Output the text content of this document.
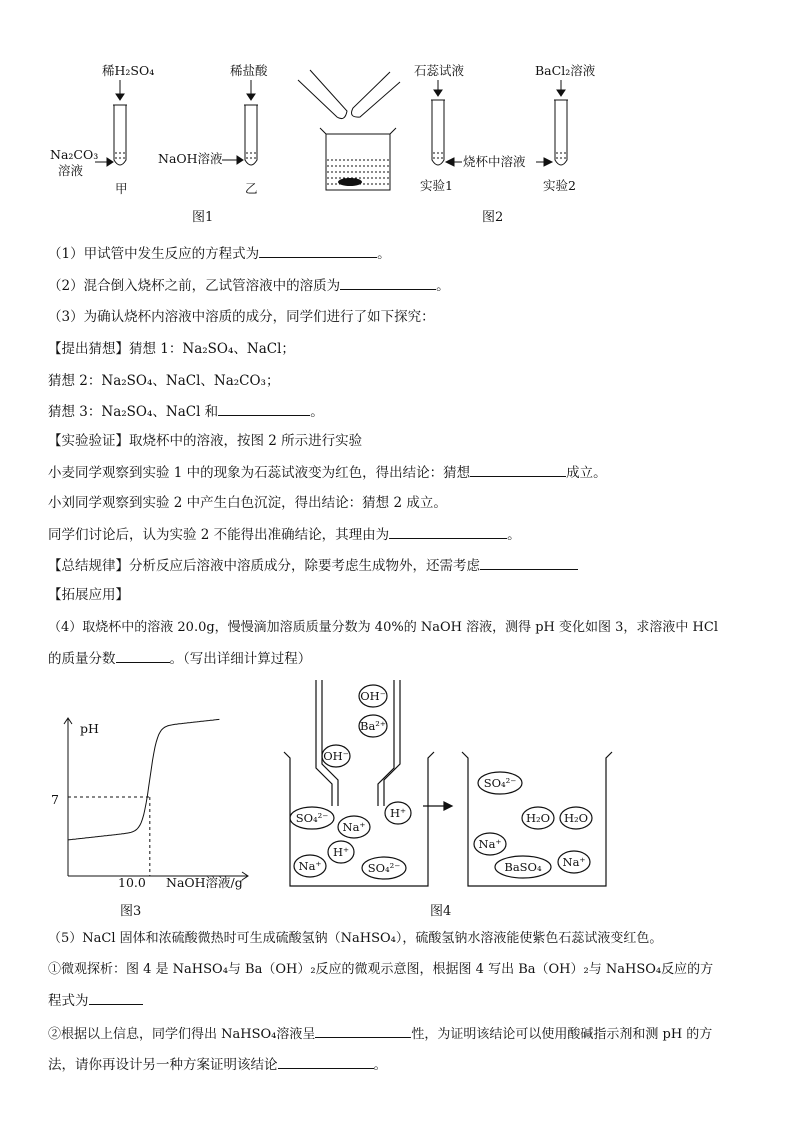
稀H₂SO₄
Na₂CO₃
溶液
甲
稀盐酸
NaOH溶液
乙
图1
石蕊试液	BaCl₂溶液
烧杯中溶液
实验1	实验2
图2
（1）甲试管中发生反应的方程式为	。
（2）混合倒入烧杯之前，乙试管溶液中的溶质为	。
（3）为确认烧杯内溶液中溶质的成分，同学们进行了如下探究：
【提出猜想】猜想 1：Na₂SO₄、NaCl；
猜想 2：Na₂SO₄、NaCl、Na₂CO₃；
猜想 3：Na₂SO₄、NaCl 和	。
【实验验证】取烧杯中的溶液，按图 2 所示进行实验
小麦同学观察到实验 1 中的现象为石蕊试液变为红色，得出结论：猜想	成立。
小刘同学观察到实验 2 中产生白色沉淀，得出结论：猜想 2 成立。
同学们讨论后，认为实验 2 不能得出准确结论，其理由为	。
【总结规律】分析反应后溶液中溶质成分，除要考虑生成物外，还需考虑
【拓展应用】
（4）取烧杯中的溶液 20.0g，慢慢滴加溶质质量分数为 40%的 NaOH 溶液，测得 pH 变化如图 3，求溶液中 HCl
的质量分数	。（写出详细计算过程）
pH
7
10.0 NaOH溶液/g
图3
OH⁻
Ba²⁺
OH⁻
SO₄²⁻
Na⁺
H⁺
H⁺
Na⁺	SO₄²⁻
SO₄²⁻
H₂O	H₂O
Na⁺
BaSO₄	Na⁺
图4
（5）NaCl 固体和浓硫酸微热时可生成硫酸氢钠（NaHSO₄），硫酸氢钠水溶液能使紫色石蕊试液变红色。
①微观探析：图 4 是 NaHSO₄与 Ba（OH）₂反应的微观示意图，根据图 4 写出 Ba（OH）₂与 NaHSO₄反应的方
程式为
②根据以上信息，同学们得出 NaHSO₄溶液呈	性，为证明该结论可以使用酸碱指示剂和测 pH 的方
法，请你再设计另一种方案证明该结论	。
